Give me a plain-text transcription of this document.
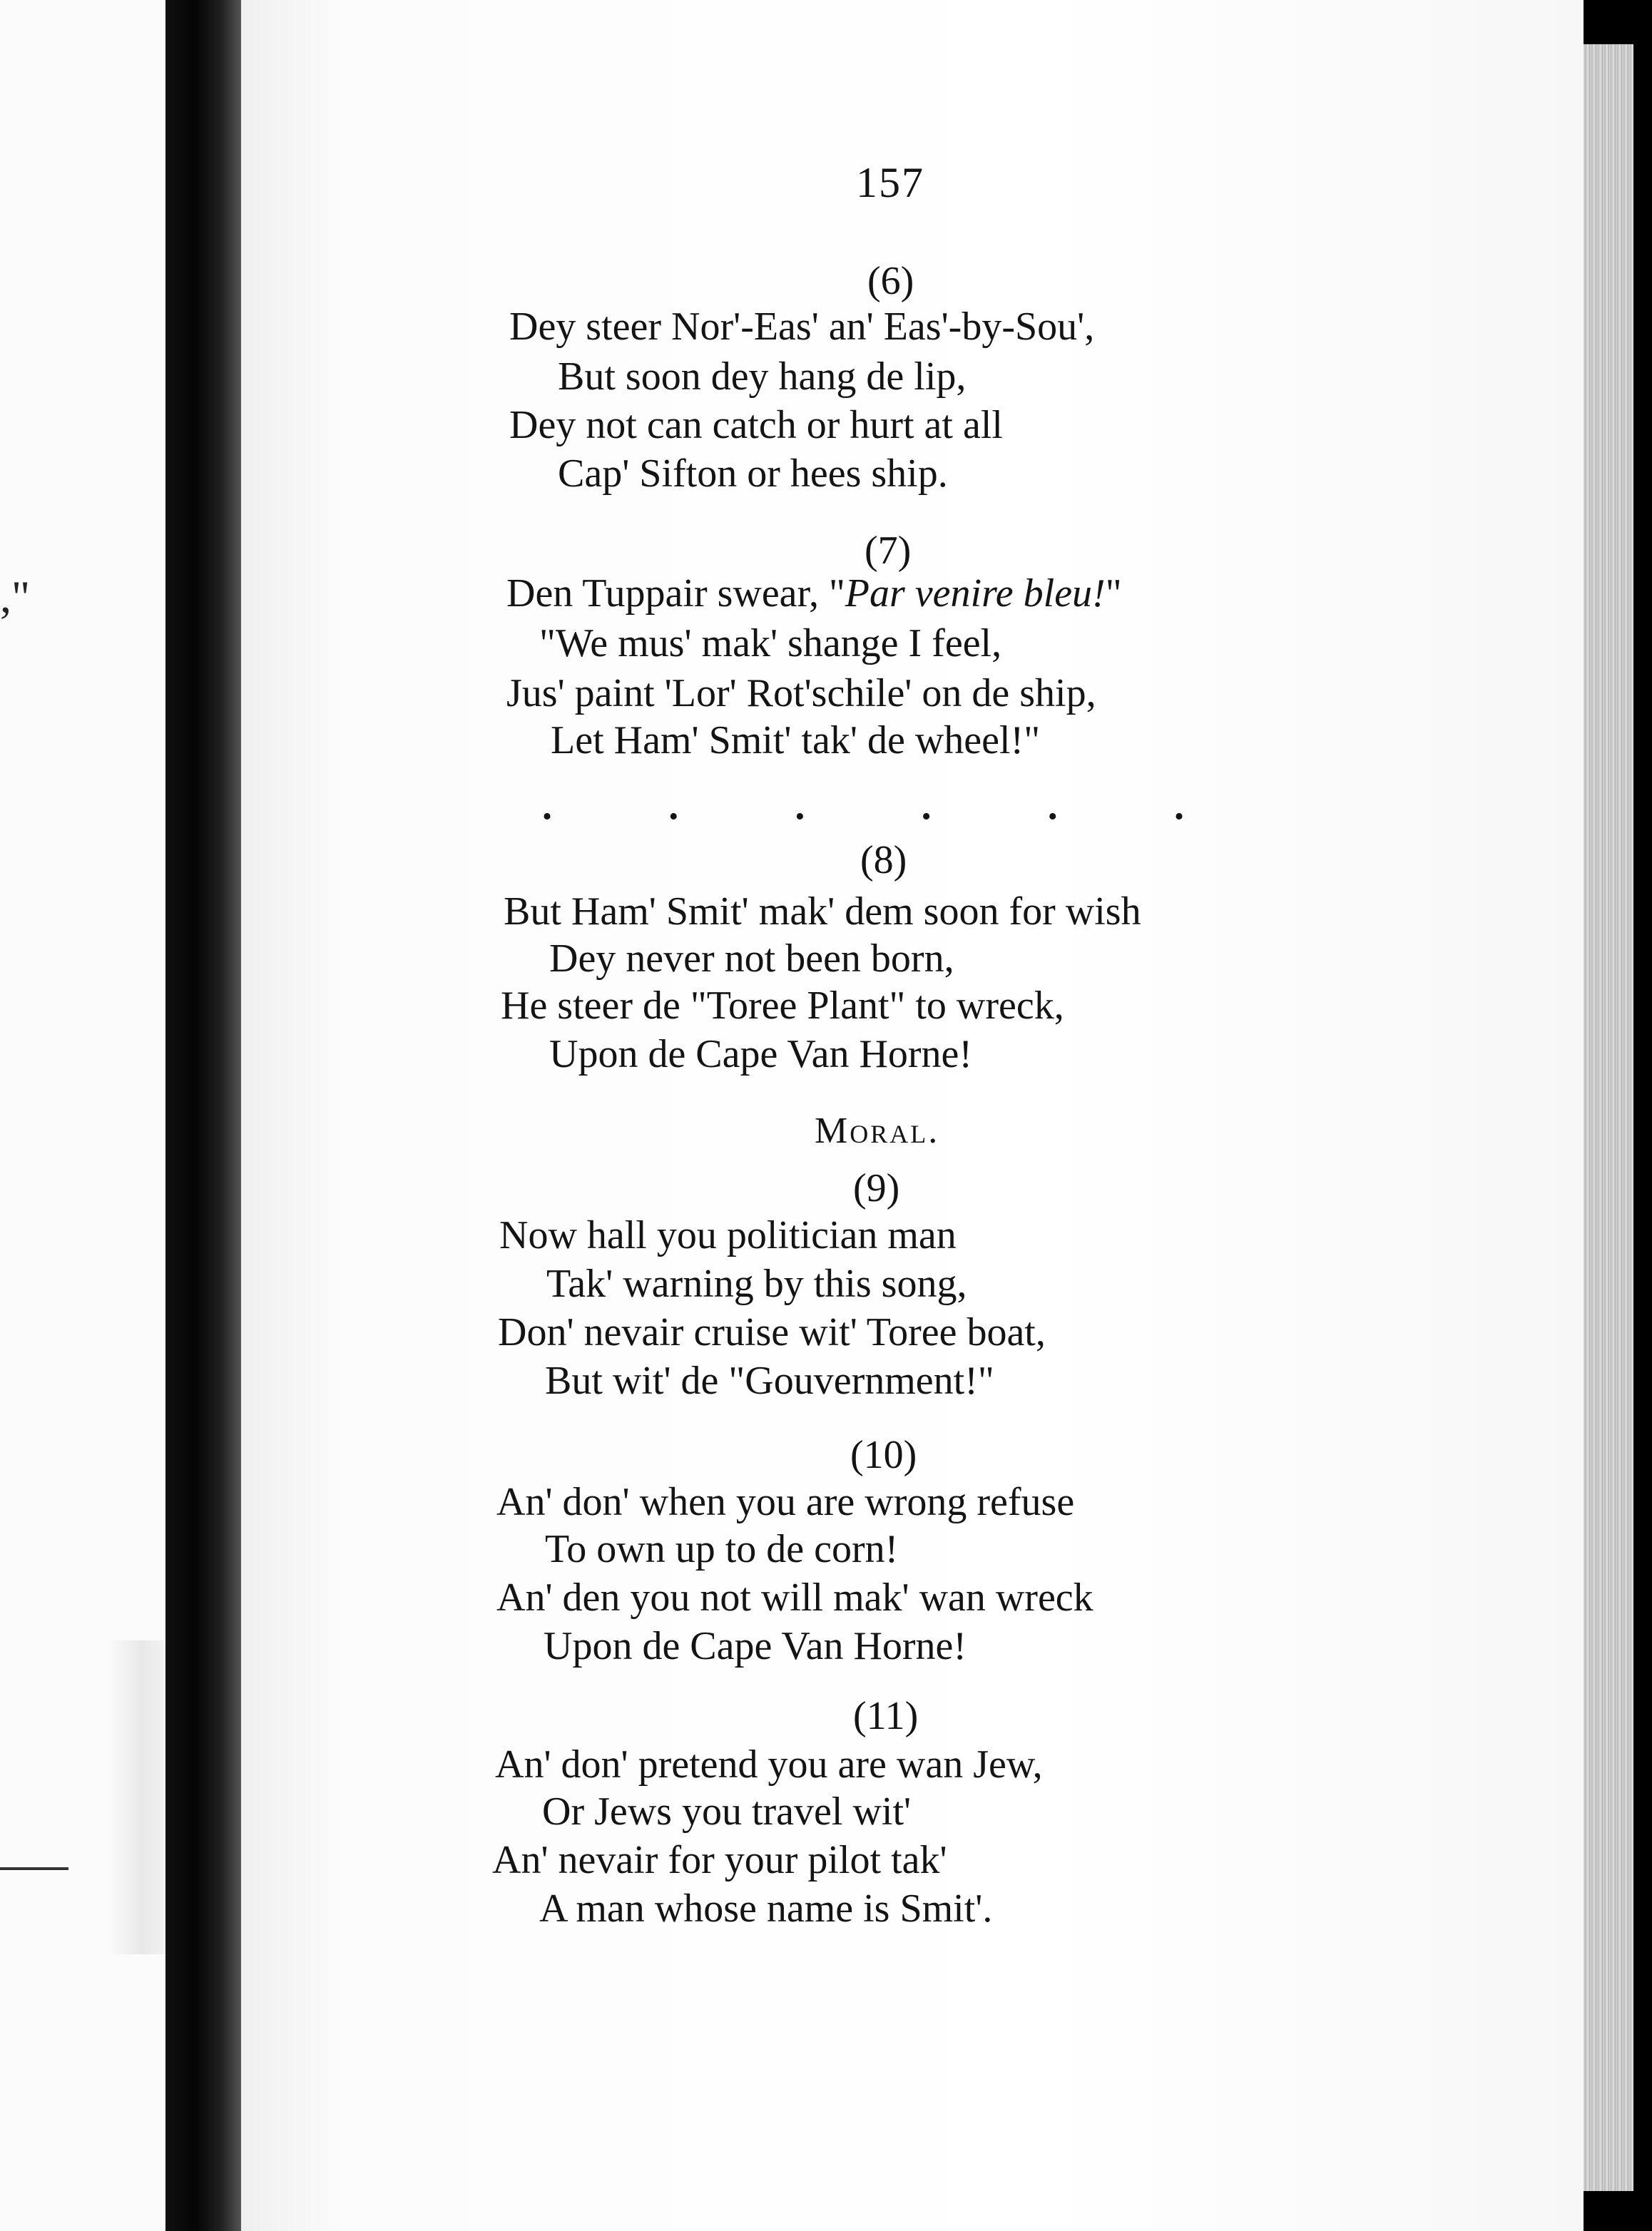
,"
157
(6)
Dey steer Nor'-Eas' an' Eas'-by-Sou',
But soon dey hang de lip,
Dey not can catch or hurt at all
Cap' Sifton or hees ship.
(7)
Den Tuppair swear, "Par venire bleu!"
"We mus' mak' shange I feel,
Jus' paint 'Lor' Rot'schile' on de ship,
Let Ham' Smit' tak' de wheel!"
.	.	.	.	.	.
(8)
But Ham' Smit' mak' dem soon for wish
Dey never not been born,
He steer de "Toree Plant" to wreck,
Upon de Cape Van Horne!
Moral.
(9)
Now hall you politician man
Tak' warning by this song,
Don' nevair cruise wit' Toree boat,
But wit' de "Gouvernment!"
(10)
An' don' when you are wrong refuse
To own up to de corn!
An' den you not will mak' wan wreck
Upon de Cape Van Horne!
(11)
An' don' pretend you are wan Jew,
Or Jews you travel wit'
An' nevair for your pilot tak'
A man whose name is Smit'.
